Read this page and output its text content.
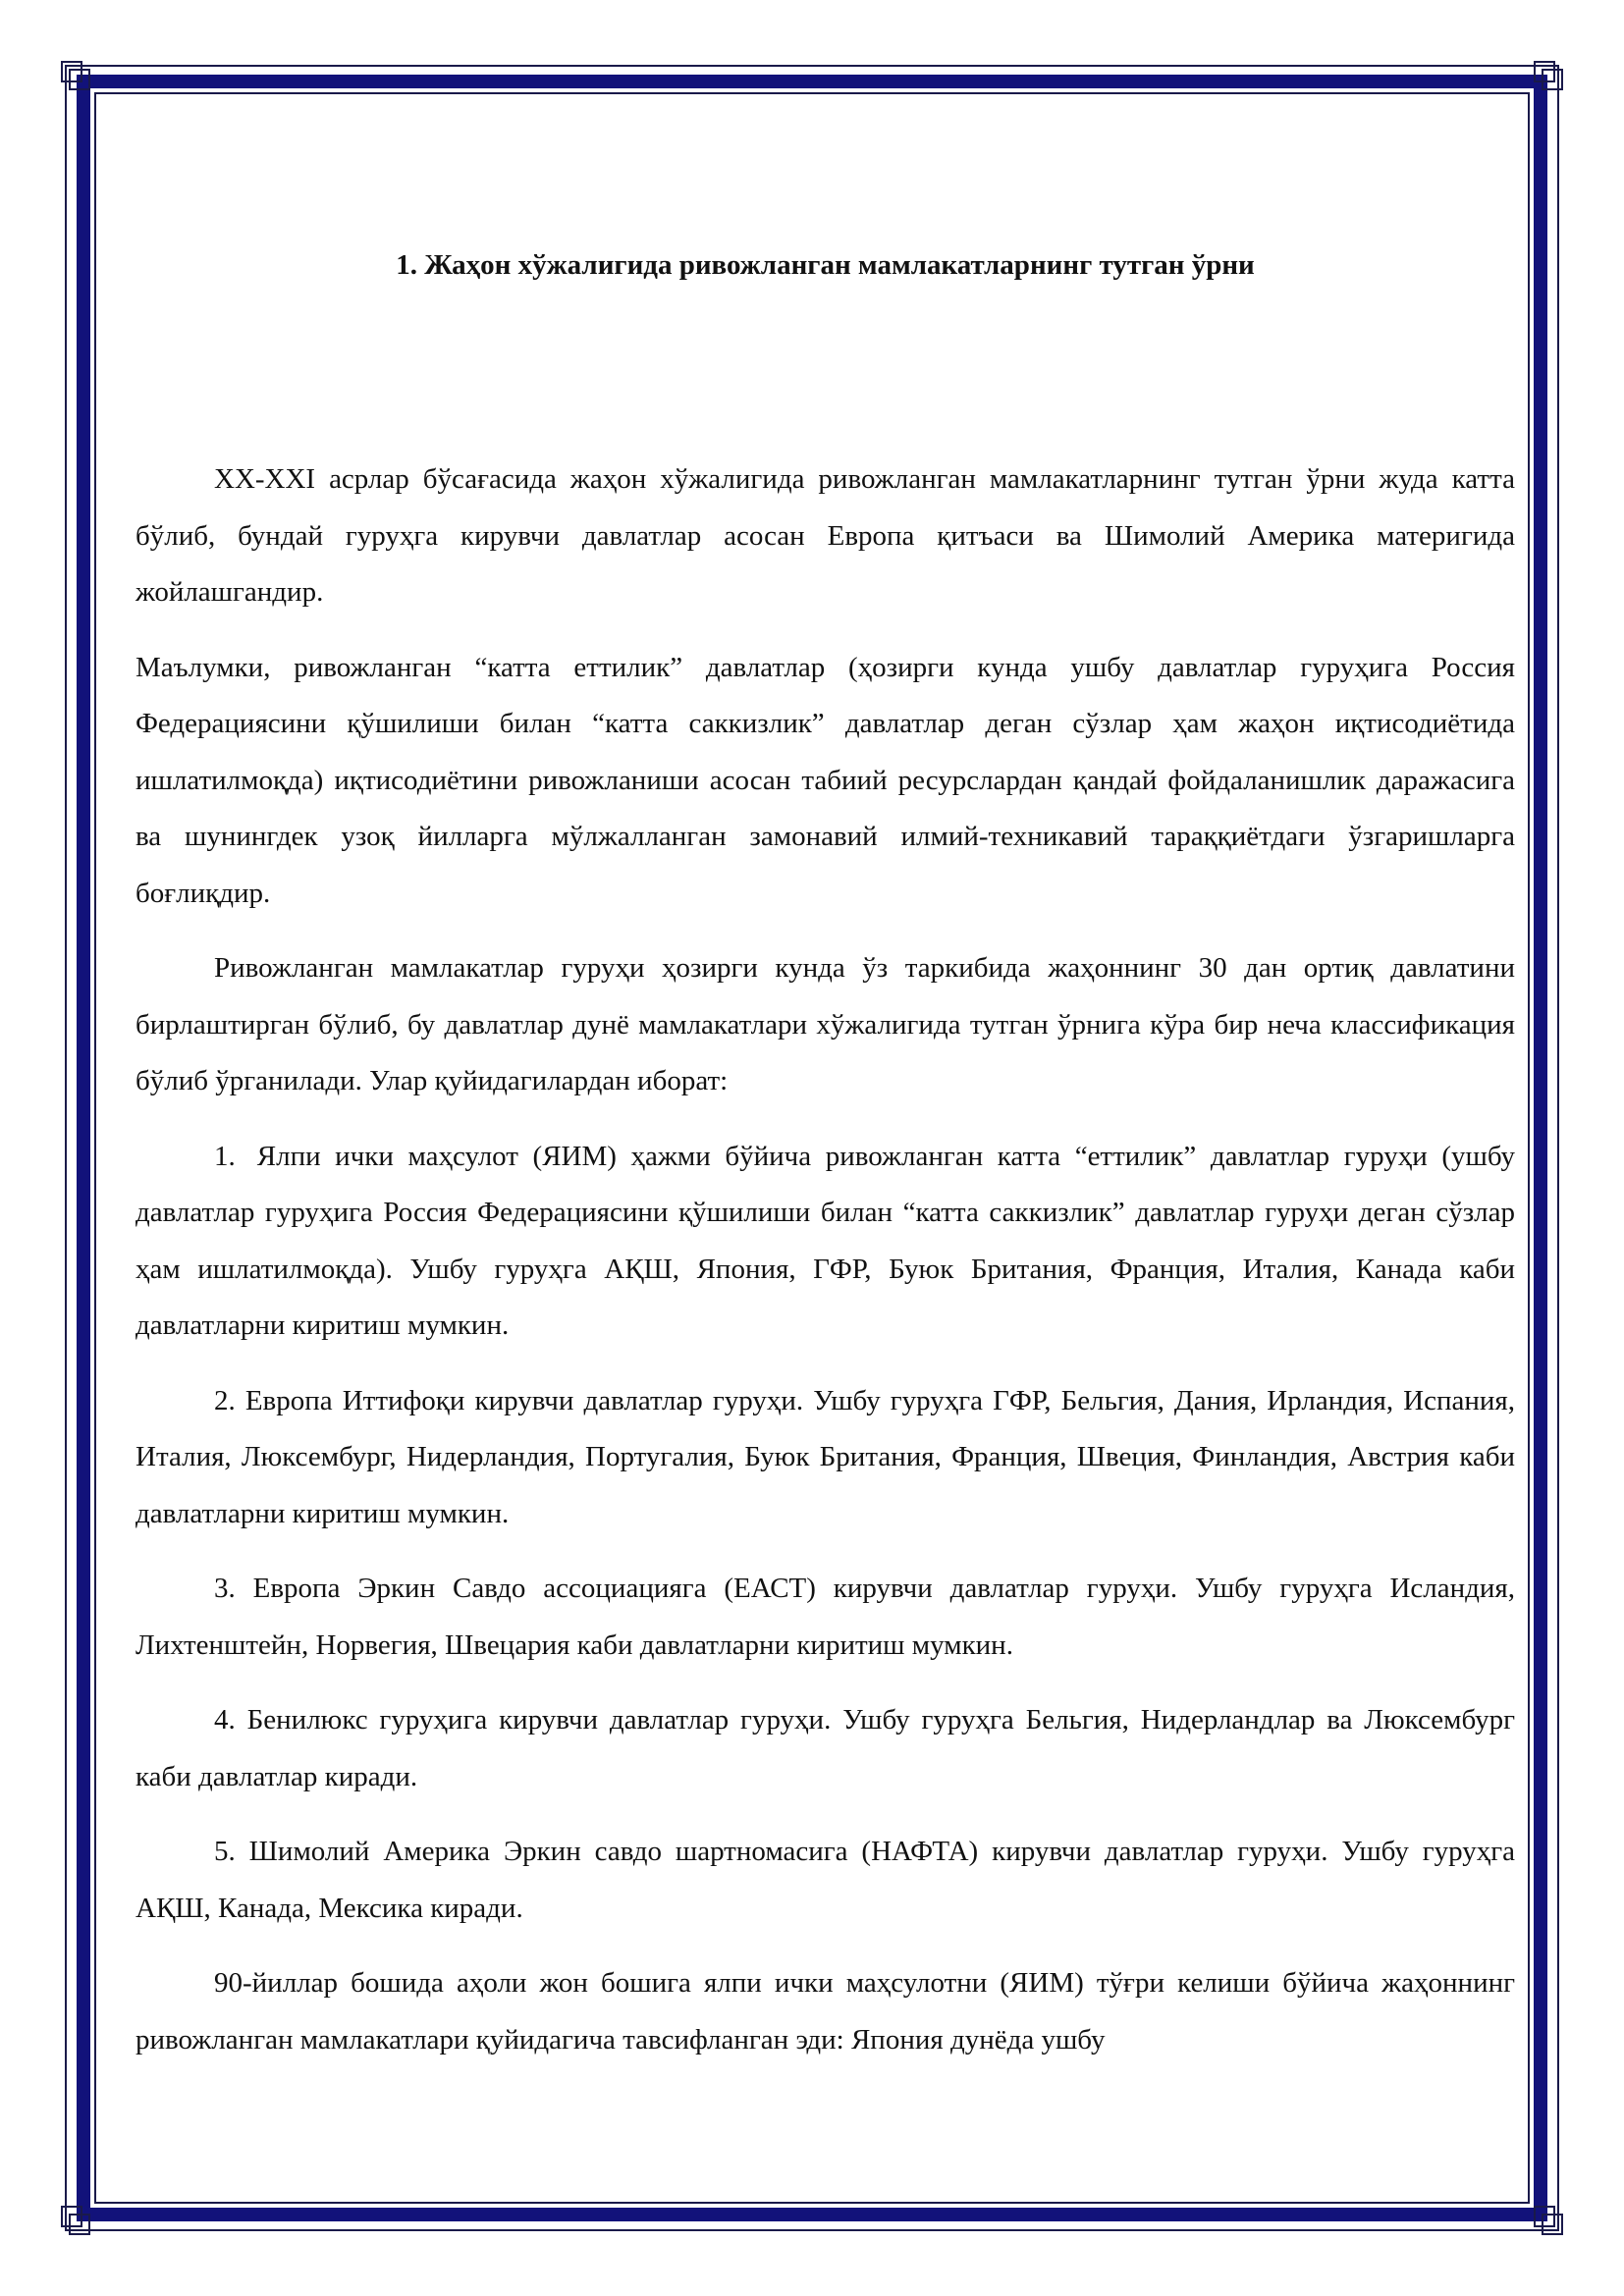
1. Жаҳон хўжалигида ривожланган мамлакатларнинг тутган ўрни

XX-XXI асрлар бўсағасида жаҳон хўжалигида ривожланган мамлакатларнинг тутган ўрни жуда катта бўлиб, бундай гуруҳга кирувчи давлатлар асосан Европа қитъаси ва Шимолий Америка материгида жойлашгандир.

Маълумки, ривожланган “катта еттилик” давлатлар (ҳозирги кунда ушбу давлатлар гуруҳига Россия Федерациясини қўшилиши билан “катта саккизлик” давлатлар деган сўзлар ҳам жаҳон иқтисодиётида ишлатилмоқда) иқтисодиётини ривожланиши асосан табиий ресурслардан қандай фойдаланишлик даражасига ва шунингдек узоқ йилларга мўлжалланган замонавий илмий-техникавий тараққиётдаги ўзгаришларга боғлиқдир.

Ривожланган мамлакатлар гуруҳи ҳозирги кунда ўз таркибида жаҳоннинг 30 дан ортиқ давлатини бирлаштирган бўлиб, бу давлатлар дунё мамлакатлари хўжалигида тутган ўрнига кўра бир неча классификация бўлиб ўрганилади. Улар қуйидагилардан иборат:

1. Ялпи ички маҳсулот (ЯИМ) ҳажми бўйича ривожланган катта “еттилик” давлатлар гуруҳи (ушбу давлатлар гуруҳига Россия Федерациясини қўшилиши билан “катта саккизлик” давлатлар гуруҳи деган сўзлар ҳам ишлатилмоқда). Ушбу гуруҳга АҚШ, Япония, ГФР, Буюк Британия, Франция, Италия, Канада каби давлатларни киритиш мумкин.

2. Европа Иттифоқи кирувчи давлатлар гуруҳи. Ушбу гуруҳга ГФР, Бельгия, Дания, Ирландия, Испания, Италия, Люксембург, Нидерландия, Португалия, Буюк Британия, Франция, Швеция, Финландия, Австрия каби давлатларни киритиш мумкин.

3. Европа Эркин Савдо ассоциацияга (ЕАСТ) кирувчи давлатлар гуруҳи. Ушбу гуруҳга Исландия, Лихтенштейн, Норвегия, Швецария каби давлатларни киритиш мумкин.

4. Бенилюкс гуруҳига кирувчи давлатлар гуруҳи. Ушбу гуруҳга Бельгия, Нидерландлар ва Люксембург каби давлатлар киради.

5. Шимолий Америка Эркин савдо шартномасига (НАФТА) кирувчи давлатлар гуруҳи. Ушбу гуруҳга АҚШ, Канада, Мексика киради.

90-йиллар бошида аҳоли жон бошига ялпи ички маҳсулотни (ЯИМ) тўғри келиши бўйича жаҳоннинг ривожланган мамлакатлари қуйидагича тавсифланган эди: Япония дунёда ушбу
